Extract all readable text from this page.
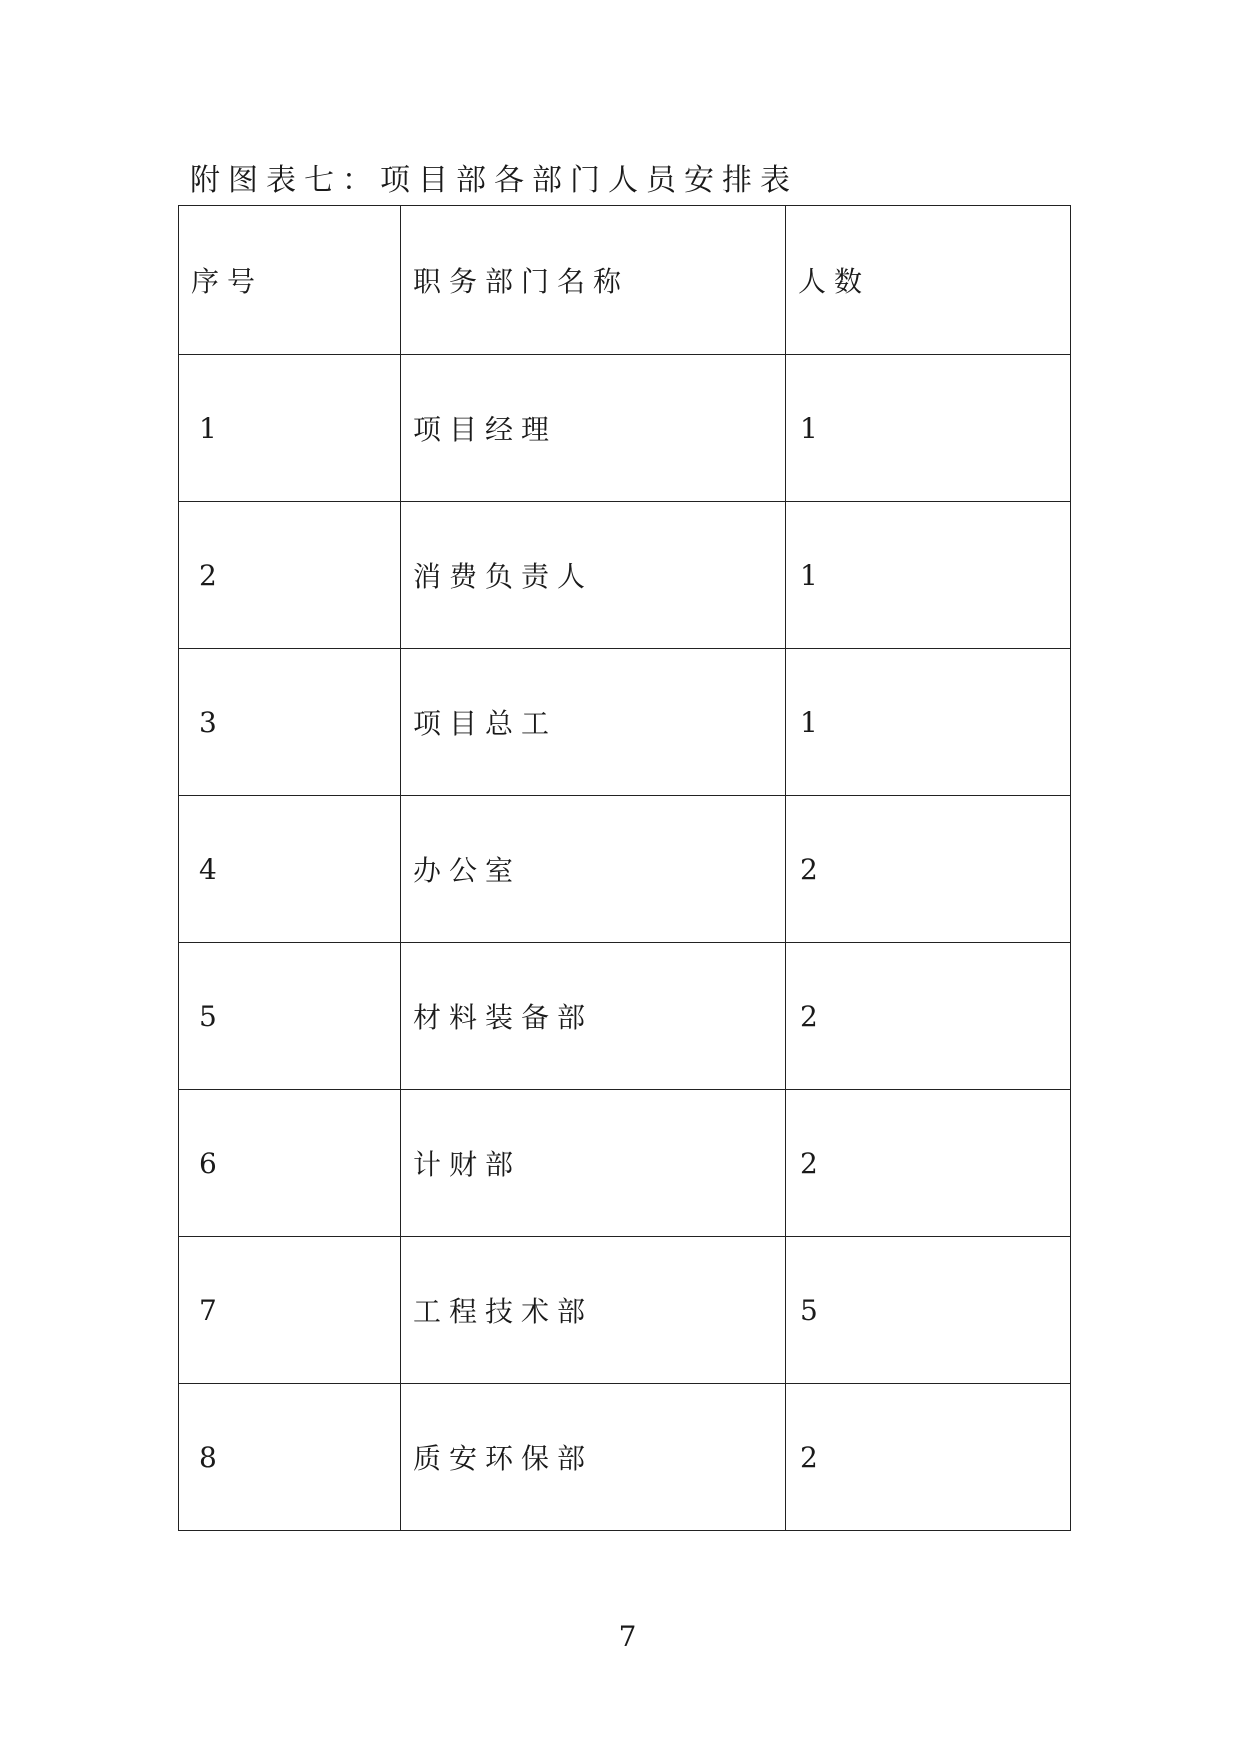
附图表七：项目部各部门人员安排表
序号	职务部门名称	人数
1	项目经理	1
2	消费负责人	1
3	项目总工	1
4	办公室	2
5	材料装备部	2
6	计财部	2
7	工程技术部	5
8	质安环保部	2
7
